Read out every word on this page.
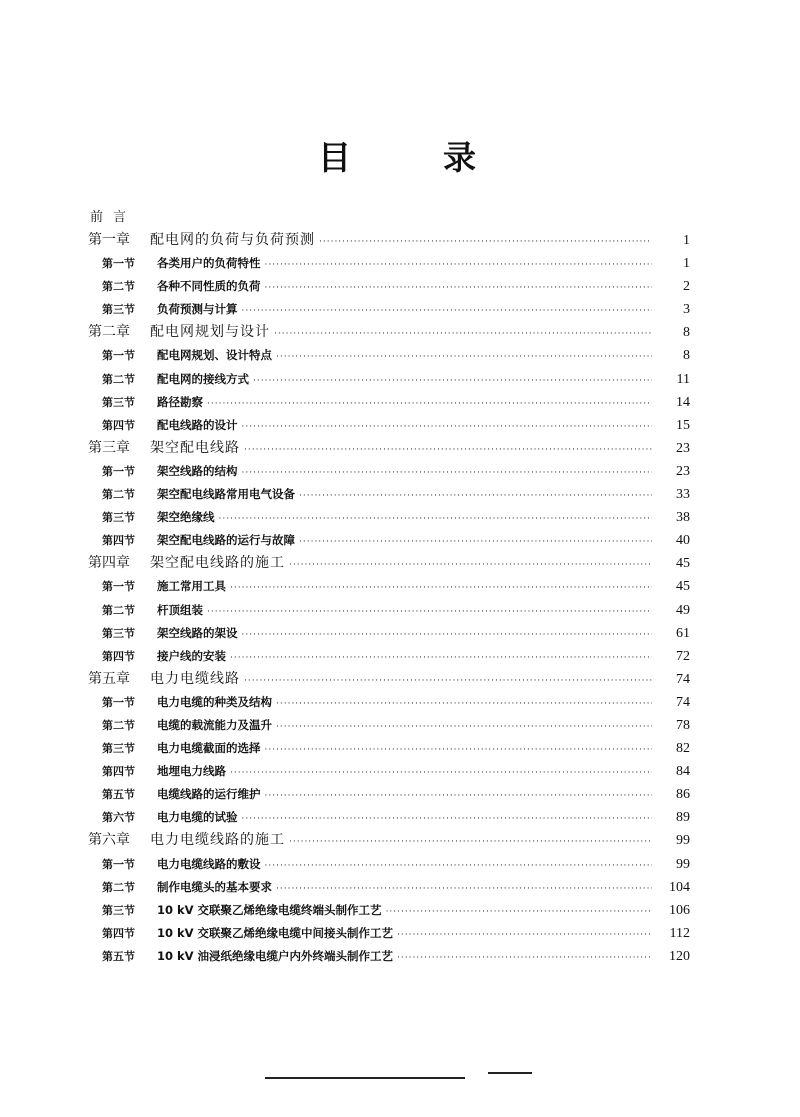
目	录
前言
第一章	配电网的负荷与负荷预测 ·····	1
第一节	各类用户的负荷特性 ·····	1
第二节	各种不同性质的负荷 ·····	2
第三节	负荷预测与计算 ·····	3
第二章	配电网规划与设计 ·····	8
第一节	配电网规划、设计特点 ·····	8
第二节	配电网的接线方式 ·····	11
第三节	路径勘察 ·····	14
第四节	配电线路的设计 ·····	15
第三章	架空配电线路 ·····	23
第一节	架空线路的结构 ·····	23
第二节	架空配电线路常用电气设备 ·····	33
第三节	架空绝缘线 ·····	38
第四节	架空配电线路的运行与故障 ·····	40
第四章	架空配电线路的施工 ·····	45
第一节	施工常用工具 ·····	45
第二节	杆顶组装 ·····	49
第三节	架空线路的架设 ·····	61
第四节	接户线的安装 ·····	72
第五章	电力电缆线路 ·····	74
第一节	电力电缆的种类及结构 ·····	74
第二节	电缆的载流能力及温升 ·····	78
第三节	电力电缆截面的选择 ·····	82
第四节	地埋电力线路 ·····	84
第五节	电缆线路的运行维护 ·····	86
第六节	电力电缆的试验 ·····	89
第六章	电力电缆线路的施工 ·····	99
第一节	电力电缆线路的敷设 ·····	99
第二节	制作电缆头的基本要求 ·····	104
第三节	10 kV 交联聚乙烯绝缘电缆终端头制作工艺 ·····	106
第四节	10 kV 交联聚乙烯绝缘电缆中间接头制作工艺 ·····	112
第五节	10 kV 油浸纸绝缘电缆户内外终端头制作工艺 ·····	120
